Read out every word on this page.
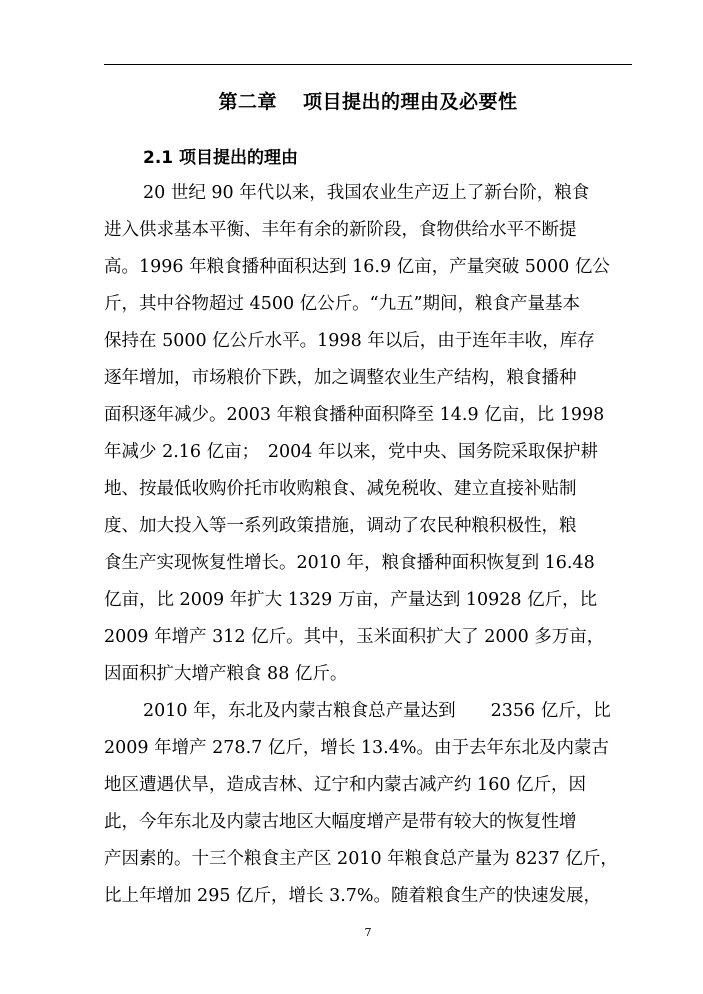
第二章 项目提出的理由及必要性
2.1 项目提出的理由
20 世纪 90 年代以来，我国农业生产迈上了新台阶，粮食
进入供求基本平衡、丰年有余的新阶段，食物供给水平不断提
高。1996 年粮食播种面积达到 16.9 亿亩，产量突破 5000 亿公
斤，其中谷物超过 4500 亿公斤。“九五”期间，粮食产量基本
保持在 5000 亿公斤水平。1998 年以后，由于连年丰收，库存
逐年增加，市场粮价下跌，加之调整农业生产结构，粮食播种
面积逐年减少。2003 年粮食播种面积降至 14.9 亿亩，比 1998
年减少 2.16 亿亩；　2004 年以来，党中央、国务院采取保护耕
地、按最低收购价托市收购粮食、减免税收、建立直接补贴制
度、加大投入等一系列政策措施，调动了农民种粮积极性，粮
食生产实现恢复性增长。2010 年，粮食播种面积恢复到 16.48
亿亩，比 2009 年扩大 1329 万亩，产量达到 10928 亿斤，比
2009 年增产 312 亿斤。其中，玉米面积扩大了 2000 多万亩，
因面积扩大增产粮食 88 亿斤。
2010 年，东北及内蒙古粮食总产量达到　　2356 亿斤，比
2009 年增产 278.7 亿斤，增长 13.4%。由于去年东北及内蒙古
地区遭遇伏旱，造成吉林、辽宁和内蒙古减产约 160 亿斤，因
此，今年东北及内蒙古地区大幅度增产是带有较大的恢复性增
产因素的。十三个粮食主产区 2010 年粮食总产量为 8237 亿斤，
比上年增加 295 亿斤，增长 3.7%。随着粮食生产的快速发展，
7
